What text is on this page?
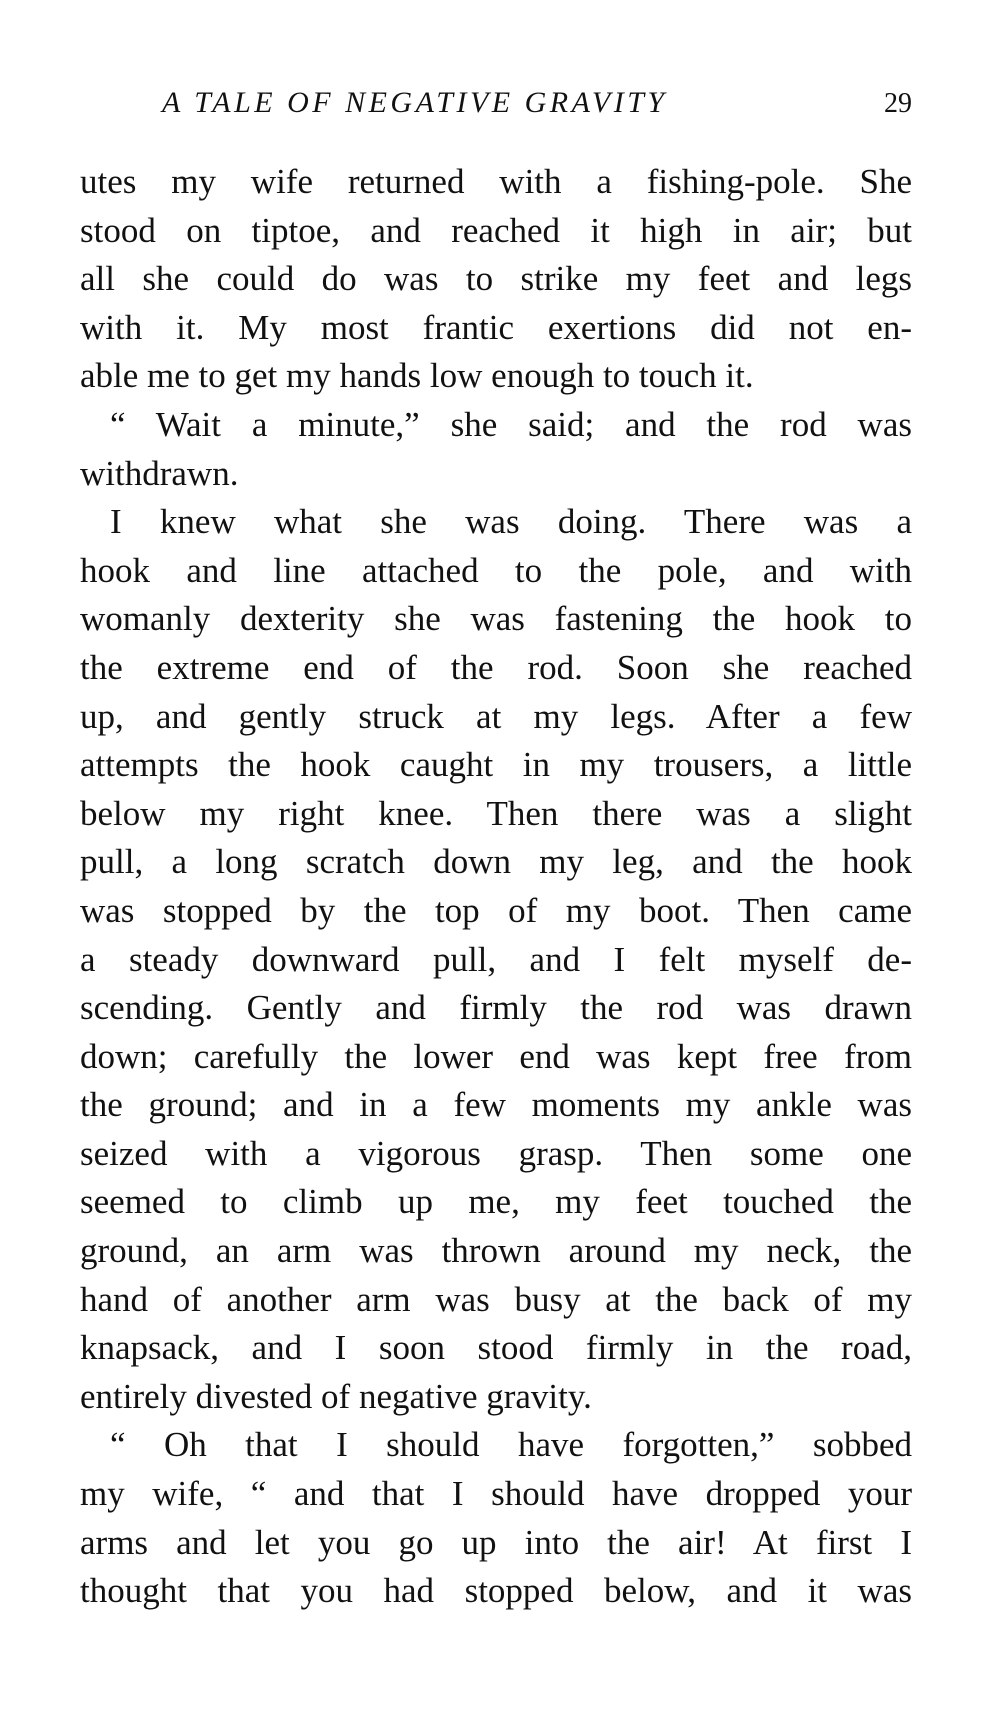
A TALE OF NEGATIVE GRAVITY	29
utes my wife returned with a fishing-pole. She
stood on tiptoe, and reached it high in air; but
all she could do was to strike my feet and legs
with it. My most frantic exertions did not en-
able me to get my hands low enough to touch it.
“ Wait a minute,” she said; and the rod was
withdrawn.
I knew what she was doing. There was a
hook and line attached to the pole, and with
womanly dexterity she was fastening the hook to
the extreme end of the rod. Soon she reached
up, and gently struck at my legs. After a few
attempts the hook caught in my trousers, a little
below my right knee. Then there was a slight
pull, a long scratch down my leg, and the hook
was stopped by the top of my boot. Then came
a steady downward pull, and I felt myself de-
scending. Gently and firmly the rod was drawn
down; carefully the lower end was kept free from
the ground; and in a few moments my ankle was
seized with a vigorous grasp. Then some one
seemed to climb up me, my feet touched the
ground, an arm was thrown around my neck, the
hand of another arm was busy at the back of my
knapsack, and I soon stood firmly in the road,
entirely divested of negative gravity.
“ Oh that I should have forgotten,” sobbed
my wife, “ and that I should have dropped your
arms and let you go up into the air! At first I
thought that you had stopped below, and it was
